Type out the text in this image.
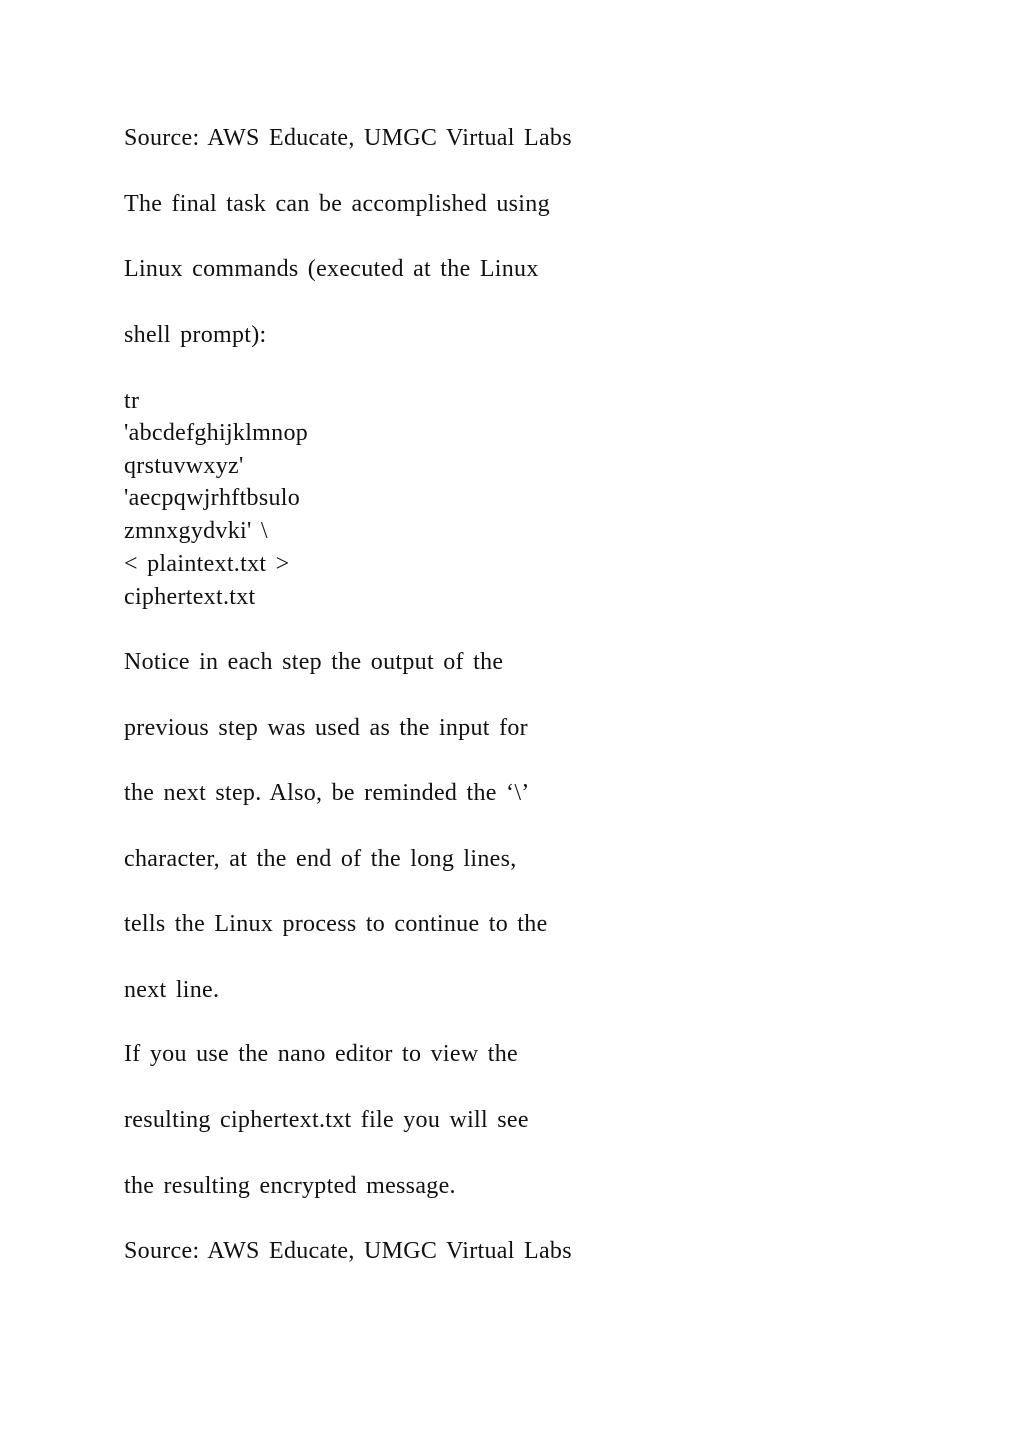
Source: AWS Educate, UMGC Virtual Labs
The final task can be accomplished using
Linux commands (executed at the Linux
shell prompt):
tr
'abcdefghijklmnop
qrstuvwxyz'
'aecpqwjrhftbsulo
zmnxgydvki' \
< plaintext.txt >
ciphertext.txt
Notice in each step the output of the
previous step was used as the input for
the next step. Also, be reminded the ‘\’
character, at the end of the long lines,
tells the Linux process to continue to the
next line.
If you use the nano editor to view the
resulting ciphertext.txt file you will see
the resulting encrypted message.
Source: AWS Educate, UMGC Virtual Labs
